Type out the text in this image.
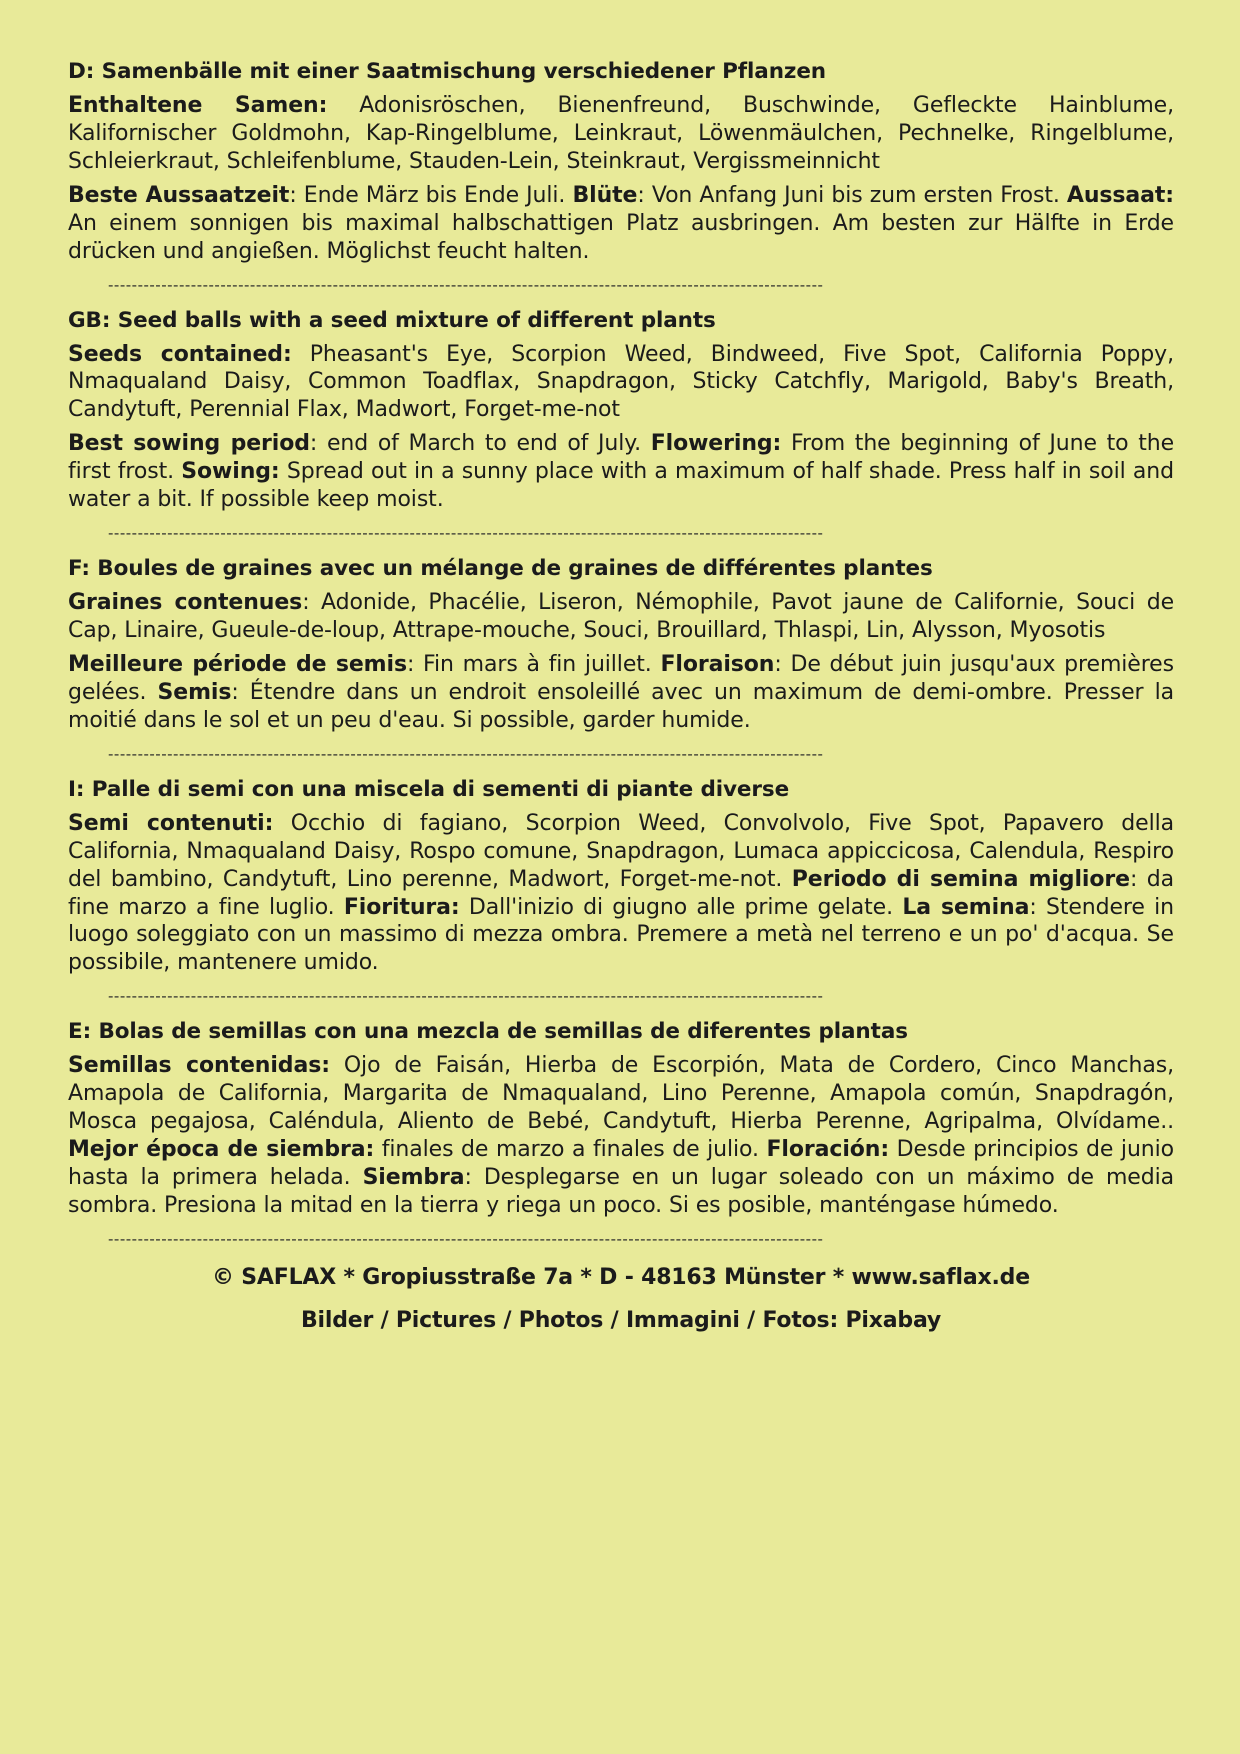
D: Samenbälle mit einer Saatmischung verschiedener Pflanzen

Enthaltene Samen: Adonisröschen, Bienenfreund, Buschwinde, Gefleckte Hainblume, Kalifornischer Goldmohn, Kap-Ringelblume, Leinkraut, Löwenmäulchen, Pechnelke, Ringelblume, Schleierkraut, Schleifenblume, Stauden-Lein, Steinkraut, Vergissmeinnicht

Beste Aussaatzeit: Ende März bis Ende Juli. Blüte: Von Anfang Juni bis zum ersten Frost. Aussaat: An einem sonnigen bis maximal halbschattigen Platz ausbringen. Am besten zur Hälfte in Erde drücken und angießen. Möglichst feucht halten.

-------------------------------------------------------------------------------------------------------------------------
GB: Seed balls with a seed mixture of different plants

Seeds contained: Pheasant's Eye, Scorpion Weed, Bindweed, Five Spot, California Poppy, Nmaqualand Daisy, Common Toadflax, Snapdragon, Sticky Catchfly, Marigold, Baby's Breath, Candytuft, Perennial Flax, Madwort, Forget-me-not

Best sowing period: end of March to end of July. Flowering: From the beginning of June to the first frost. Sowing: Spread out in a sunny place with a maximum of half shade. Press half in soil and water a bit. If possible keep moist.

-------------------------------------------------------------------------------------------------------------------------
F: Boules de graines avec un mélange de graines de différentes plantes

Graines contenues: Adonide, Phacélie, Liseron, Némophile, Pavot jaune de Californie, Souci de Cap, Linaire, Gueule-de-loup, Attrape-mouche, Souci, Brouillard, Thlaspi, Lin, Alysson, Myosotis

Meilleure période de semis: Fin mars à fin juillet. Floraison: De début juin jusqu'aux premières gelées. Semis: Étendre dans un endroit ensoleillé avec un maximum de demi-ombre. Presser la moitié dans le sol et un peu d'eau. Si possible, garder humide.

-------------------------------------------------------------------------------------------------------------------------
I: Palle di semi con una miscela di sementi di piante diverse

Semi contenuti: Occhio di fagiano, Scorpion Weed, Convolvolo, Five Spot, Papavero della California, Nmaqualand Daisy, Rospo comune, Snapdragon, Lumaca appiccicosa, Calendula, Respiro del bambino, Candytuft, Lino perenne, Madwort, Forget-me-not. Periodo di semina migliore: da fine marzo a fine luglio. Fioritura: Dall'inizio di giugno alle prime gelate. La semina: Stendere in luogo soleggiato con un massimo di mezza ombra. Premere a metà nel terreno e un po' d'acqua. Se possibile, mantenere umido.

-------------------------------------------------------------------------------------------------------------------------
E: Bolas de semillas con una mezcla de semillas de diferentes plantas

Semillas contenidas: Ojo de Faisán, Hierba de Escorpión, Mata de Cordero, Cinco Manchas, Amapola de California, Margarita de Nmaqualand, Lino Perenne, Amapola común, Snapdragón, Mosca pegajosa, Caléndula, Aliento de Bebé, Candytuft, Hierba Perenne, Agripalma, Olvídame.. Mejor época de siembra: finales de marzo a finales de julio. Floración: Desde principios de junio hasta la primera helada. Siembra: Desplegarse en un lugar soleado con un máximo de media sombra. Presiona la mitad en la tierra y riega un poco. Si es posible, manténgase húmedo.

-------------------------------------------------------------------------------------------------------------------------
© SAFLAX * Gropiusstraße 7a * D - 48163 Münster * www.saflax.de
Bilder / Pictures / Photos / Immagini / Fotos: Pixabay
